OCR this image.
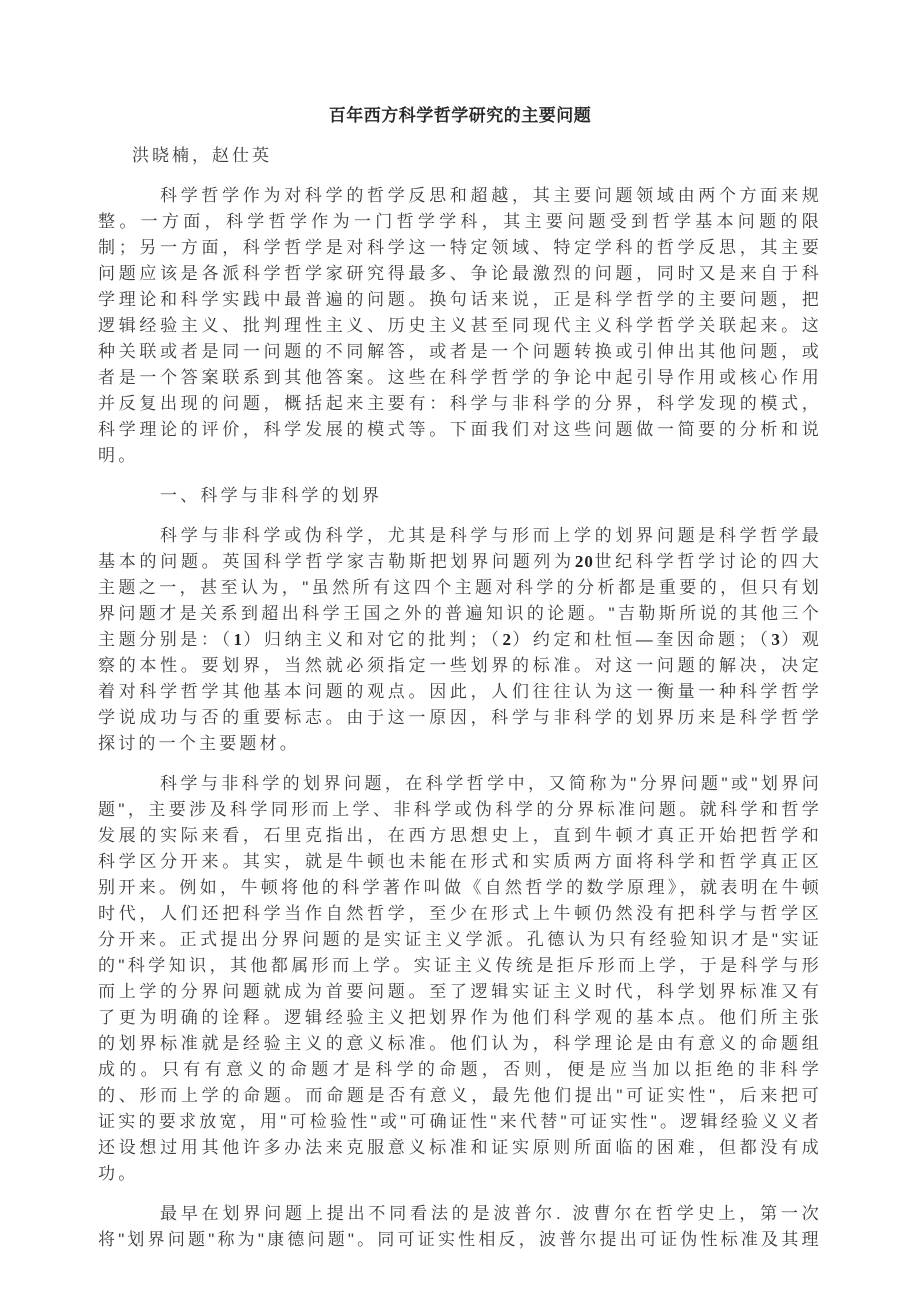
百年西方科学哲学研究的主要问题

洪晓楠，赵仕英

科学哲学作为对科学的哲学反思和超越，其主要问题领域由两个方面来规整。一方面，科学哲学作为一门哲学学科，其主要问题受到哲学基本问题的限制；另一方面，科学哲学是对科学这一特定领域、特定学科的哲学反思，其主要问题应该是各派科学哲学家研究得最多、争论最激烈的问题，同时又是来自于科学理论和科学实践中最普遍的问题。换句话来说，正是科学哲学的主要问题，把逻辑经验主义、批判理性主义、历史主义甚至同现代主义科学哲学关联起来。这种关联或者是同一问题的不同解答，或者是一个问题转换或引伸出其他问题，或者是一个答案联系到其他答案。这些在科学哲学的争论中起引导作用或核心作用并反复出现的问题，概括起来主要有：科学与非科学的分界，科学发现的模式，科学理论的评价，科学发展的模式等。下面我们对这些问题做一简要的分析和说明。

一、科学与非科学的划界

科学与非科学或伪科学，尤其是科学与形而上学的划界问题是科学哲学最基本的问题。英国科学哲学家吉勒斯把划界问题列为20世纪科学哲学讨论的四大主题之一，甚至认为，"虽然所有这四个主题对科学的分析都是重要的，但只有划界问题才是关系到超出科学王国之外的普遍知识的论题。"吉勒斯所说的其他三个主题分别是：（1）归纳主义和对它的批判；（2）约定和杜恒—奎因命题；（3）观察的本性。要划界，当然就必须指定一些划界的标准。对这一问题的解决，决定着对科学哲学其他基本问题的观点。因此，人们往往认为这一衡量一种科学哲学学说成功与否的重要标志。由于这一原因，科学与非科学的划界历来是科学哲学探讨的一个主要题材。

科学与非科学的划界问题，在科学哲学中，又简称为"分界问题"或"划界问题"，主要涉及科学同形而上学、非科学或伪科学的分界标准问题。就科学和哲学发展的实际来看，石里克指出，在西方思想史上，直到牛顿才真正开始把哲学和科学区分开来。其实，就是牛顿也未能在形式和实质两方面将科学和哲学真正区别开来。例如，牛顿将他的科学著作叫做《自然哲学的数学原理》，就表明在牛顿时代，人们还把科学当作自然哲学，至少在形式上牛顿仍然没有把科学与哲学区分开来。正式提出分界问题的是实证主义学派。孔德认为只有经验知识才是"实证的"科学知识，其他都属形而上学。实证主义传统是拒斥形而上学，于是科学与形而上学的分界问题就成为首要问题。至了逻辑实证主义时代，科学划界标准又有了更为明确的诠释。逻辑经验主义把划界作为他们科学观的基本点。他们所主张的划界标准就是经验主义的意义标准。他们认为，科学理论是由有意义的命题组成的。只有有意义的命题才是科学的命题，否则，便是应当加以拒绝的非科学的、形而上学的命题。而命题是否有意义，最先他们提出"可证实性"，后来把可证实的要求放宽，用"可检验性"或"可确证性"来代替"可证实性"。逻辑经验义义者还设想过用其他许多办法来克服意义标准和证实原则所面临的困难，但都没有成功。

最早在划界问题上提出不同看法的是波普尔. 波曹尔在哲学史上，第一次将"划界问题"称为"康德问题"。同可证实性相反，波普尔提出可证伪性标准及其理
